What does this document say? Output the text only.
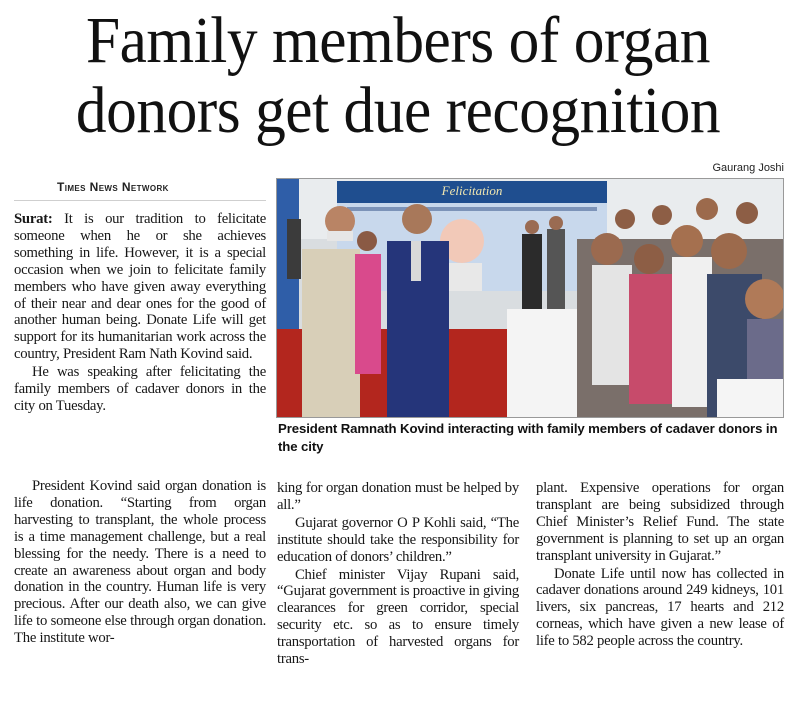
Family members of organ
donors get due recognition
Times News Network
Gaurang Joshi
Felicitation
President Ramnath Kovind interacting with family members of cadaver donors in the city

Surat: It is our tradition to felicitate someone when he or she achieves something in life. However, it is a special occasion when we join to felicitate family members who have given away everything of their near and dear ones for the good of another human being. Donate Life will get support for its humanitarian work across the country, President Ram Nath Kovind said.

He was speaking after felicitating the family members of cadaver donors in the city on Tuesday.

President Kovind said organ donation is life donation. “Starting from organ harvesting to transplant, the whole process is a time management challenge, but a real blessing for the needy. There is a need to create an awareness about organ and body donation in the country. Human life is very precious. After our death also, we can give life to someone else through organ donation. The institute wor-

king for organ donation must be helped by all.”

Gujarat governor O P Kohli said, “The institute should take the responsibility for education of donors’ children.”

Chief minister Vijay Rupani said, “Gujarat government is proactive in giving clearances for green corridor, special security etc. so as to ensure timely transportation of harvested organs for trans-

plant. Expensive operations for organ transplant are being subsidized through Chief Minister’s Relief Fund. The state government is planning to set up an organ transplant university in Gujarat.”

Donate Life until now has collected in cadaver donations around 249 kidneys, 101 livers, six pancreas, 17 hearts and 212 corneas, which have given a new lease of life to 582 people across the country.
